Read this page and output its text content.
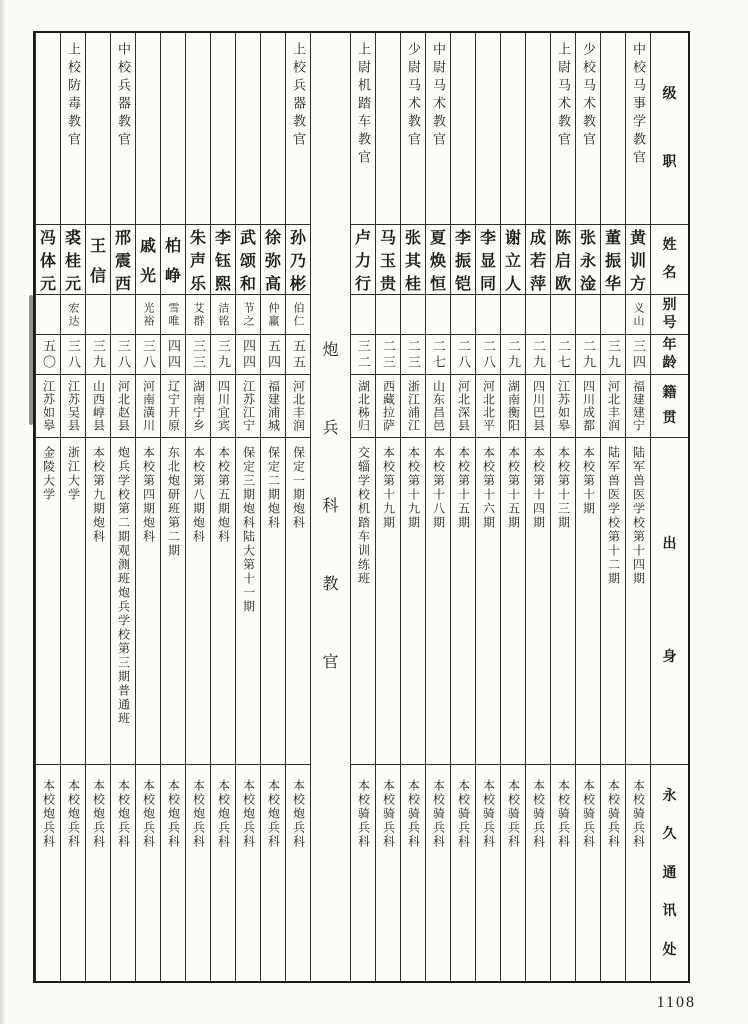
级
职
姓
名
别
号
年
龄
籍
贯
出
身
永
久
通
讯
处
中校马事学教官
黄
训
方
义山
三四
福建建宁
陆军兽医学校第十四期
本校骑兵科
董
振
华
三九
河北丰润
陆军兽医学校第十二期
本校骑兵科
少校马术教官
张
永
淦
二九
四川成都
本校第十期
本校骑兵科
上尉马术教官
陈
启
欧
二七
江苏如皋
本校第十三期
本校骑兵科
成
若
萍
二九
四川巴县
本校第十四期
本校骑兵科
谢
立
人
二九
湖南衡阳
本校第十五期
本校骑兵科
李
显
同
二八
河北北平
本校第十六期
本校骑兵科
李
振
铠
二八
河北深县
本校第十五期
本校骑兵科
中尉马术教官
夏
焕
恒
二七
山东昌邑
本校第十八期
本校骑兵科
少尉马术教官
张
其
桂
二三
浙江浦江
本校第十九期
本校骑兵科
马
玉
贵
二三
西藏拉萨
本校第十九期
本校骑兵科
上尉机踏车教官
卢
力
行
三二
湖北秭归
交辎学校机踏车训练班
本校骑兵科
炮
兵
科
教
官
上校兵器教官
孙
乃
彬
伯仁
五五
河北丰润
保定一期炮科
本校炮兵科
徐
弥
高
仲赢
五四
福建浦城
保定二期炮科
本校炮兵科
武
颂
和
节之
四四
江苏江宁
保定三期炮科陆大第十一期
本校炮兵科
李
钰
熙
洁铭
三九
四川宜宾
本校第五期炮科
本校炮兵科
朱
声
乐
艾群
三三
湖南宁乡
本校第八期炮科
本校炮兵科
柏
峥
雪唯
四四
辽宁开原
东北炮研班第二期
本校炮兵科
戚
光
光裕
三八
河南潢川
本校第四期炮科
本校炮兵科
中校兵器教官
邢
震
西
三八
河北赵县
炮兵学校第二期观测班炮兵学校第三期普通班
本校炮兵科
王
信
三九
山西崞县
本校第九期炮科
本校炮兵科
上校防毒教官
裘
桂
元
宏达
三八
江苏吴县
浙江大学
本校炮兵科
冯
体
元
五〇
江苏如皋
金陵大学
本校炮兵科
1108
